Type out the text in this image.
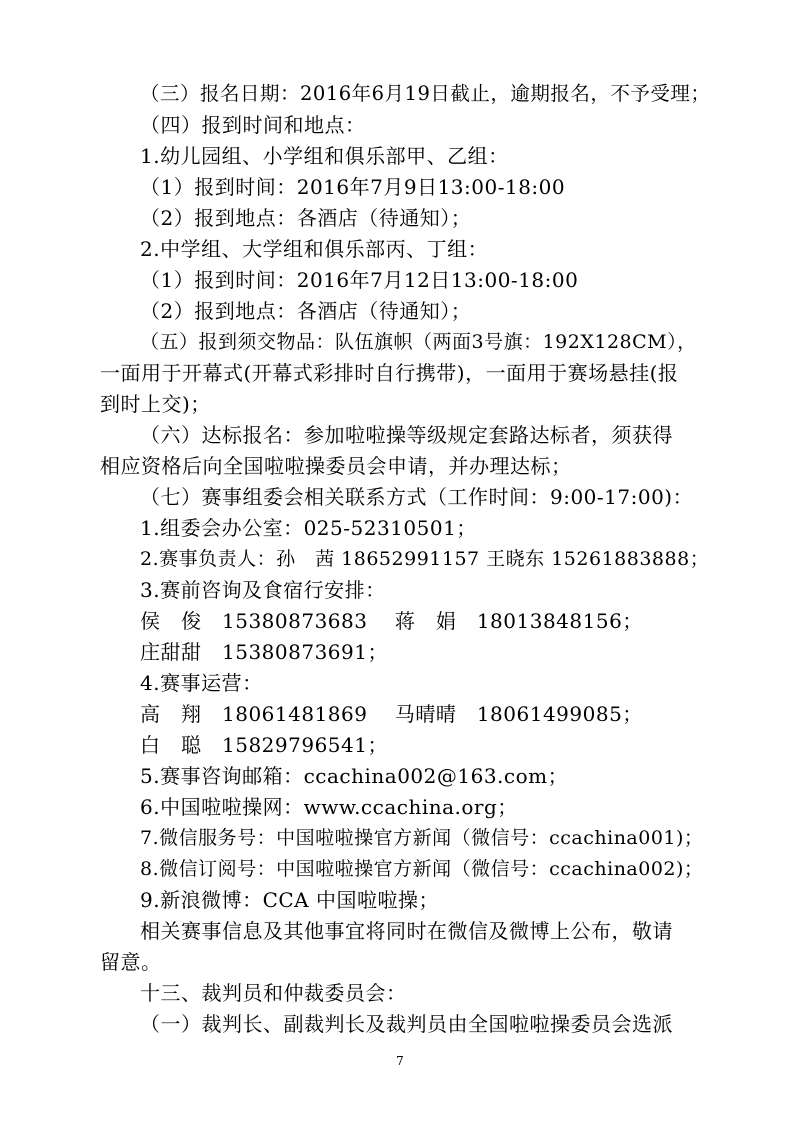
（三）报名日期：2016年6月19日截止，逾期报名，不予受理；
（四）报到时间和地点：
1.幼儿园组、小学组和俱乐部甲、乙组：
（1）报到时间：2016年7月9日13:00-18:00
（2）报到地点：各酒店（待通知）；
2.中学组、大学组和俱乐部丙、丁组：
（1）报到时间：2016年7月12日13:00-18:00
（2）报到地点：各酒店（待通知）；
（五）报到须交物品：队伍旗帜（两面3号旗：192X128CM），
一面用于开幕式(开幕式彩排时自行携带)，一面用于赛场悬挂(报
到时上交)；
（六）达标报名：参加啦啦操等级规定套路达标者，须获得
相应资格后向全国啦啦操委员会申请，并办理达标；
（七）赛事组委会相关联系方式（工作时间：9:00-17:00)：
1.组委会办公室：025-52310501；
2.赛事负责人：孙　茜 18652991157 王晓东 15261883888；
3.赛前咨询及食宿行安排：
侯　俊　15380873683　 蒋　娟　18013848156；
庄甜甜　15380873691；
4.赛事运营：
高　翔　18061481869　 马晴晴　18061499085；
白　聪　15829796541；
5.赛事咨询邮箱：ccachina002@163.com；
6.中国啦啦操网：www.ccachina.org；
7.微信服务号：中国啦啦操官方新闻（微信号：ccachina001)；
8.微信订阅号：中国啦啦操官方新闻（微信号：ccachina002)；
9.新浪微博：CCA 中国啦啦操；
相关赛事信息及其他事宜将同时在微信及微博上公布，敬请
留意。
十三、裁判员和仲裁委员会：
（一）裁判长、副裁判长及裁判员由全国啦啦操委员会选派
7
